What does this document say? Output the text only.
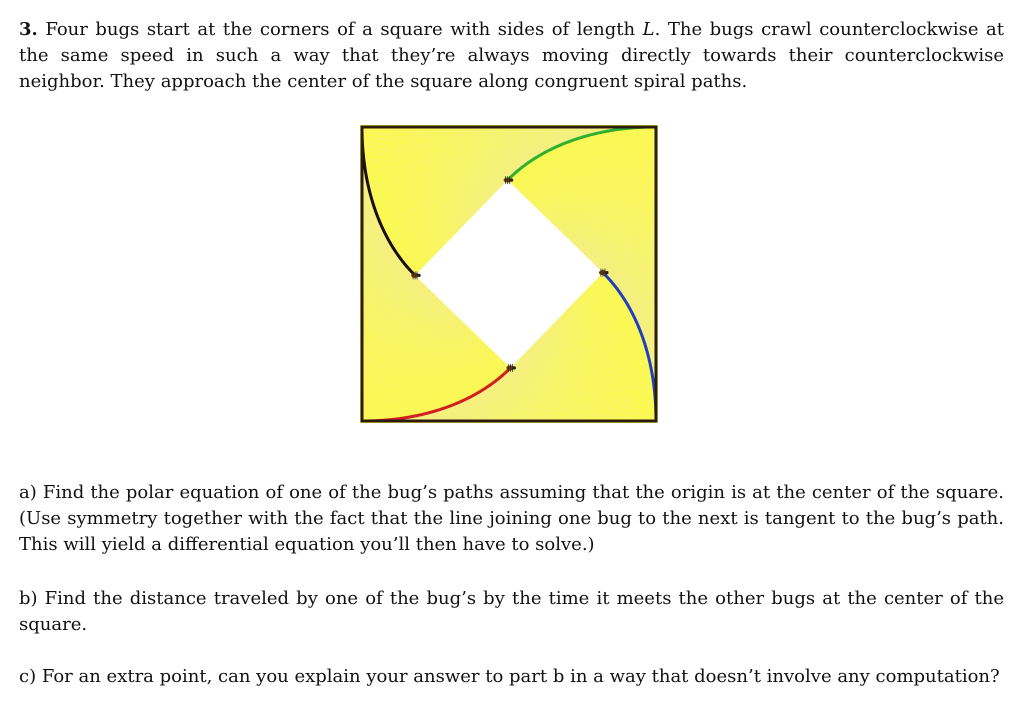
3. Four bugs start at the corners of a square with sides of length L. The bugs crawl counterclockwise at the same speed in such a way that they’re always moving directly towards their counterclockwise neighbor. They approach the center of the square along congruent spiral paths.

a) Find the polar equation of one of the bug’s paths assuming that the origin is at the center of the square. (Use symmetry together with the fact that the line joining one bug to the next is tangent to the bug’s path. This will yield a differential equation you’ll then have to solve.)

b) Find the distance traveled by one of the bug’s by the time it meets the other bugs at the center of the square.

c) For an extra point, can you explain your answer to part b in a way that doesn’t involve any computation?
